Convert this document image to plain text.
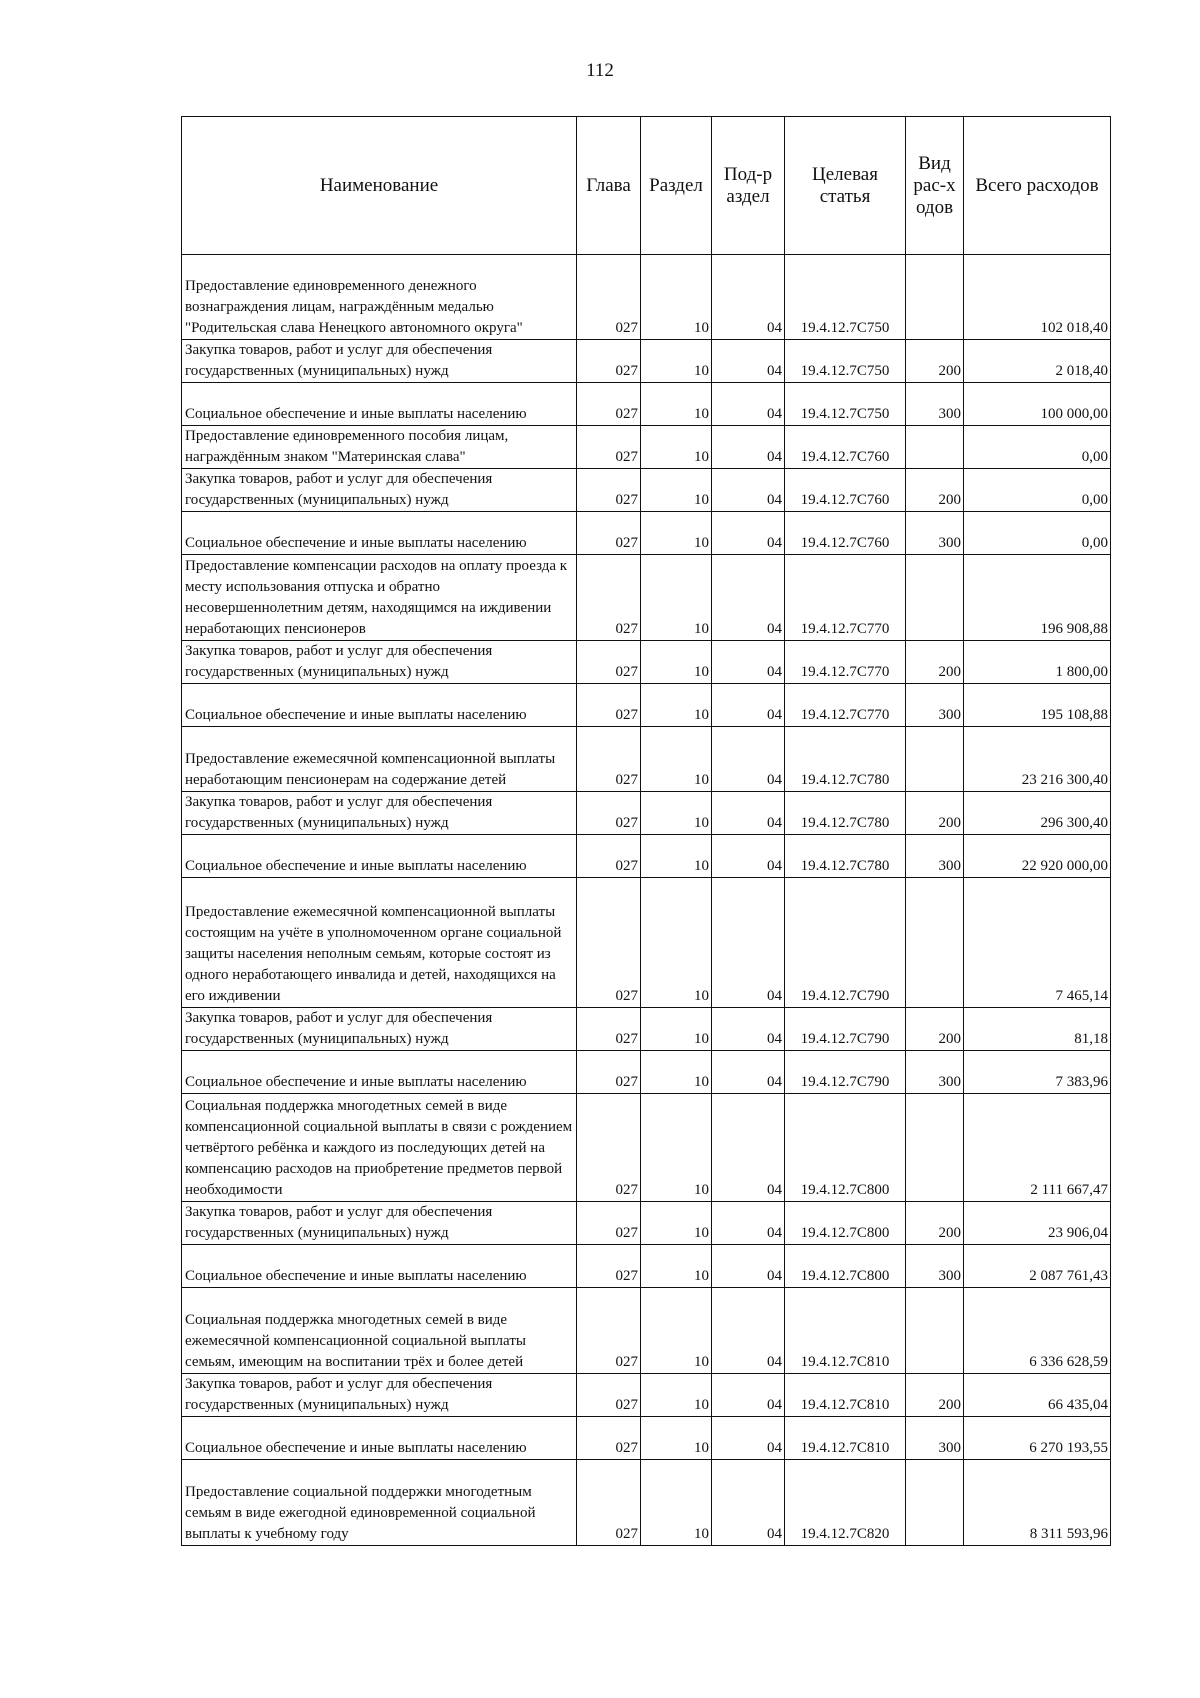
112
Наименование	Глава	Раздел	Под-раздел	Целевая статья	Вид рас-ходов	Всего расходов
Предоставление единовременного денежного вознаграждения лицам, награждённым медалью "Родительская слава Ненецкого автономного округа"	027	10	04	19.4.12.7С750		102 018,40
Закупка товаров, работ и услуг для обеспечения государственных (муниципальных) нужд	027	10	04	19.4.12.7С750	200	2 018,40
Социальное обеспечение и иные выплаты населению	027	10	04	19.4.12.7С750	300	100 000,00
Предоставление единовременного пособия лицам, награждённым знаком "Материнская слава"	027	10	04	19.4.12.7С760		0,00
Закупка товаров, работ и услуг для обеспечения государственных (муниципальных) нужд	027	10	04	19.4.12.7С760	200	0,00
Социальное обеспечение и иные выплаты населению	027	10	04	19.4.12.7С760	300	0,00
Предоставление компенсации расходов на оплату проезда к месту использования отпуска и обратно несовершеннолетним детям, находящимся на иждивении неработающих пенсионеров	027	10	04	19.4.12.7С770		196 908,88
Закупка товаров, работ и услуг для обеспечения государственных (муниципальных) нужд	027	10	04	19.4.12.7С770	200	1 800,00
Социальное обеспечение и иные выплаты населению	027	10	04	19.4.12.7С770	300	195 108,88
Предоставление ежемесячной компенсационной выплаты неработающим пенсионерам на содержание детей	027	10	04	19.4.12.7С780		23 216 300,40
Закупка товаров, работ и услуг для обеспечения государственных (муниципальных) нужд	027	10	04	19.4.12.7С780	200	296 300,40
Социальное обеспечение и иные выплаты населению	027	10	04	19.4.12.7С780	300	22 920 000,00
Предоставление ежемесячной компенсационной выплаты состоящим на учёте в уполномоченном органе социальной защиты населения неполным семьям, которые состоят из одного неработающего инвалида и детей, находящихся на его иждивении	027	10	04	19.4.12.7С790		7 465,14
Закупка товаров, работ и услуг для обеспечения государственных (муниципальных) нужд	027	10	04	19.4.12.7С790	200	81,18
Социальное обеспечение и иные выплаты населению	027	10	04	19.4.12.7С790	300	7 383,96
Социальная поддержка многодетных семей в виде компенсационной социальной выплаты в связи с рождением четвёртого ребёнка и каждого из последующих детей на компенсацию расходов на приобретение предметов первой необходимости	027	10	04	19.4.12.7С800		2 111 667,47
Закупка товаров, работ и услуг для обеспечения государственных (муниципальных) нужд	027	10	04	19.4.12.7С800	200	23 906,04
Социальное обеспечение и иные выплаты населению	027	10	04	19.4.12.7С800	300	2 087 761,43
Социальная поддержка многодетных семей в виде ежемесячной компенсационной социальной выплаты семьям, имеющим на воспитании трёх и более детей	027	10	04	19.4.12.7С810		6 336 628,59
Закупка товаров, работ и услуг для обеспечения государственных (муниципальных) нужд	027	10	04	19.4.12.7С810	200	66 435,04
Социальное обеспечение и иные выплаты населению	027	10	04	19.4.12.7С810	300	6 270 193,55
Предоставление социальной поддержки многодетным семьям в виде ежегодной единовременной социальной выплаты к учебному году	027	10	04	19.4.12.7С820		8 311 593,96
